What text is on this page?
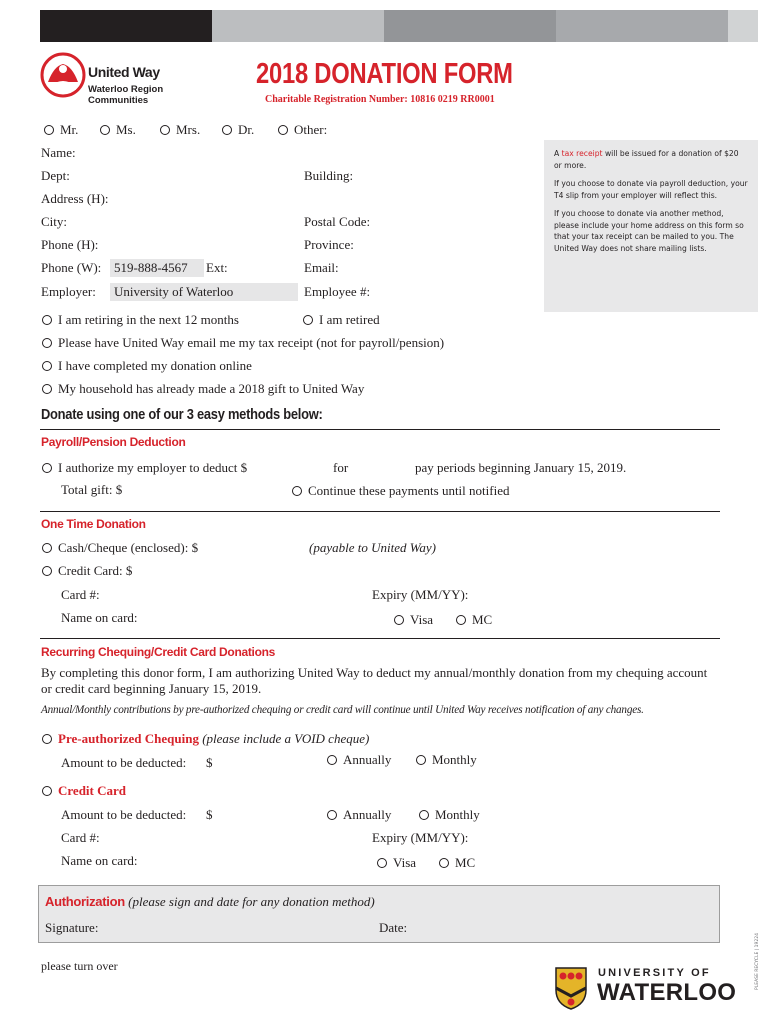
United Way
Waterloo Region
Communities
2018 DONATION FORM
Charitable Registration Number: 10816 0219 RR0001
Mr.	Ms.	Mrs.	Dr.	Other:
Name:
Dept:	Building:
Address (H):
City:	Postal Code:
Phone (H):	Province:
Phone (W): 519-888-4567	Ext:	Email:
Employer:	University of Waterloo	Employee #:

A tax receipt will be issued for a donation of $20 or more.

If you choose to donate via payroll deduction, your T4 slip from your employer will reflect this.

If you choose to donate via another method, please include your home address on this form so that your tax receipt can be mailed to you. The United Way does not share mailing lists.

I am retiring in the next 12 months	I am retired
Please have United Way email me my tax receipt (not for payroll/pension)
I have completed my donation online
My household has already made a 2018 gift to United Way
Donate using one of our 3 easy methods below:
Payroll/Pension Deduction
I authorize my employer to deduct $	for	pay periods beginning January 15, 2019.
Total gift: $	Continue these payments until notified
One Time Donation
Cash/Cheque (enclosed): $	(payable to United Way)
Credit Card: $
Card #:	Expiry (MM/YY):
Name on card:	Visa	MC
Recurring Chequing/Credit Card Donations
By completing this donor form, I am authorizing United Way to deduct my annual/monthly donation from my chequing account or credit card beginning January 15, 2019.
Annual/Monthly contributions by pre-authorized chequing or credit card will continue until United Way receives notification of any changes.
Pre-authorized Chequing
(please include a VOID cheque)
Amount to be deducted: $	Annually	Monthly
Credit Card
Amount to be deducted: $	Annually	Monthly
Card #:	Expiry (MM/YY):
Name on card:	Visa	MC
Authorization (please sign and date for any donation method)
Signature:	Date:
please turn over	PLEASE RECYCLE | 19224
UNIVERSITY OF
WATERLOO
